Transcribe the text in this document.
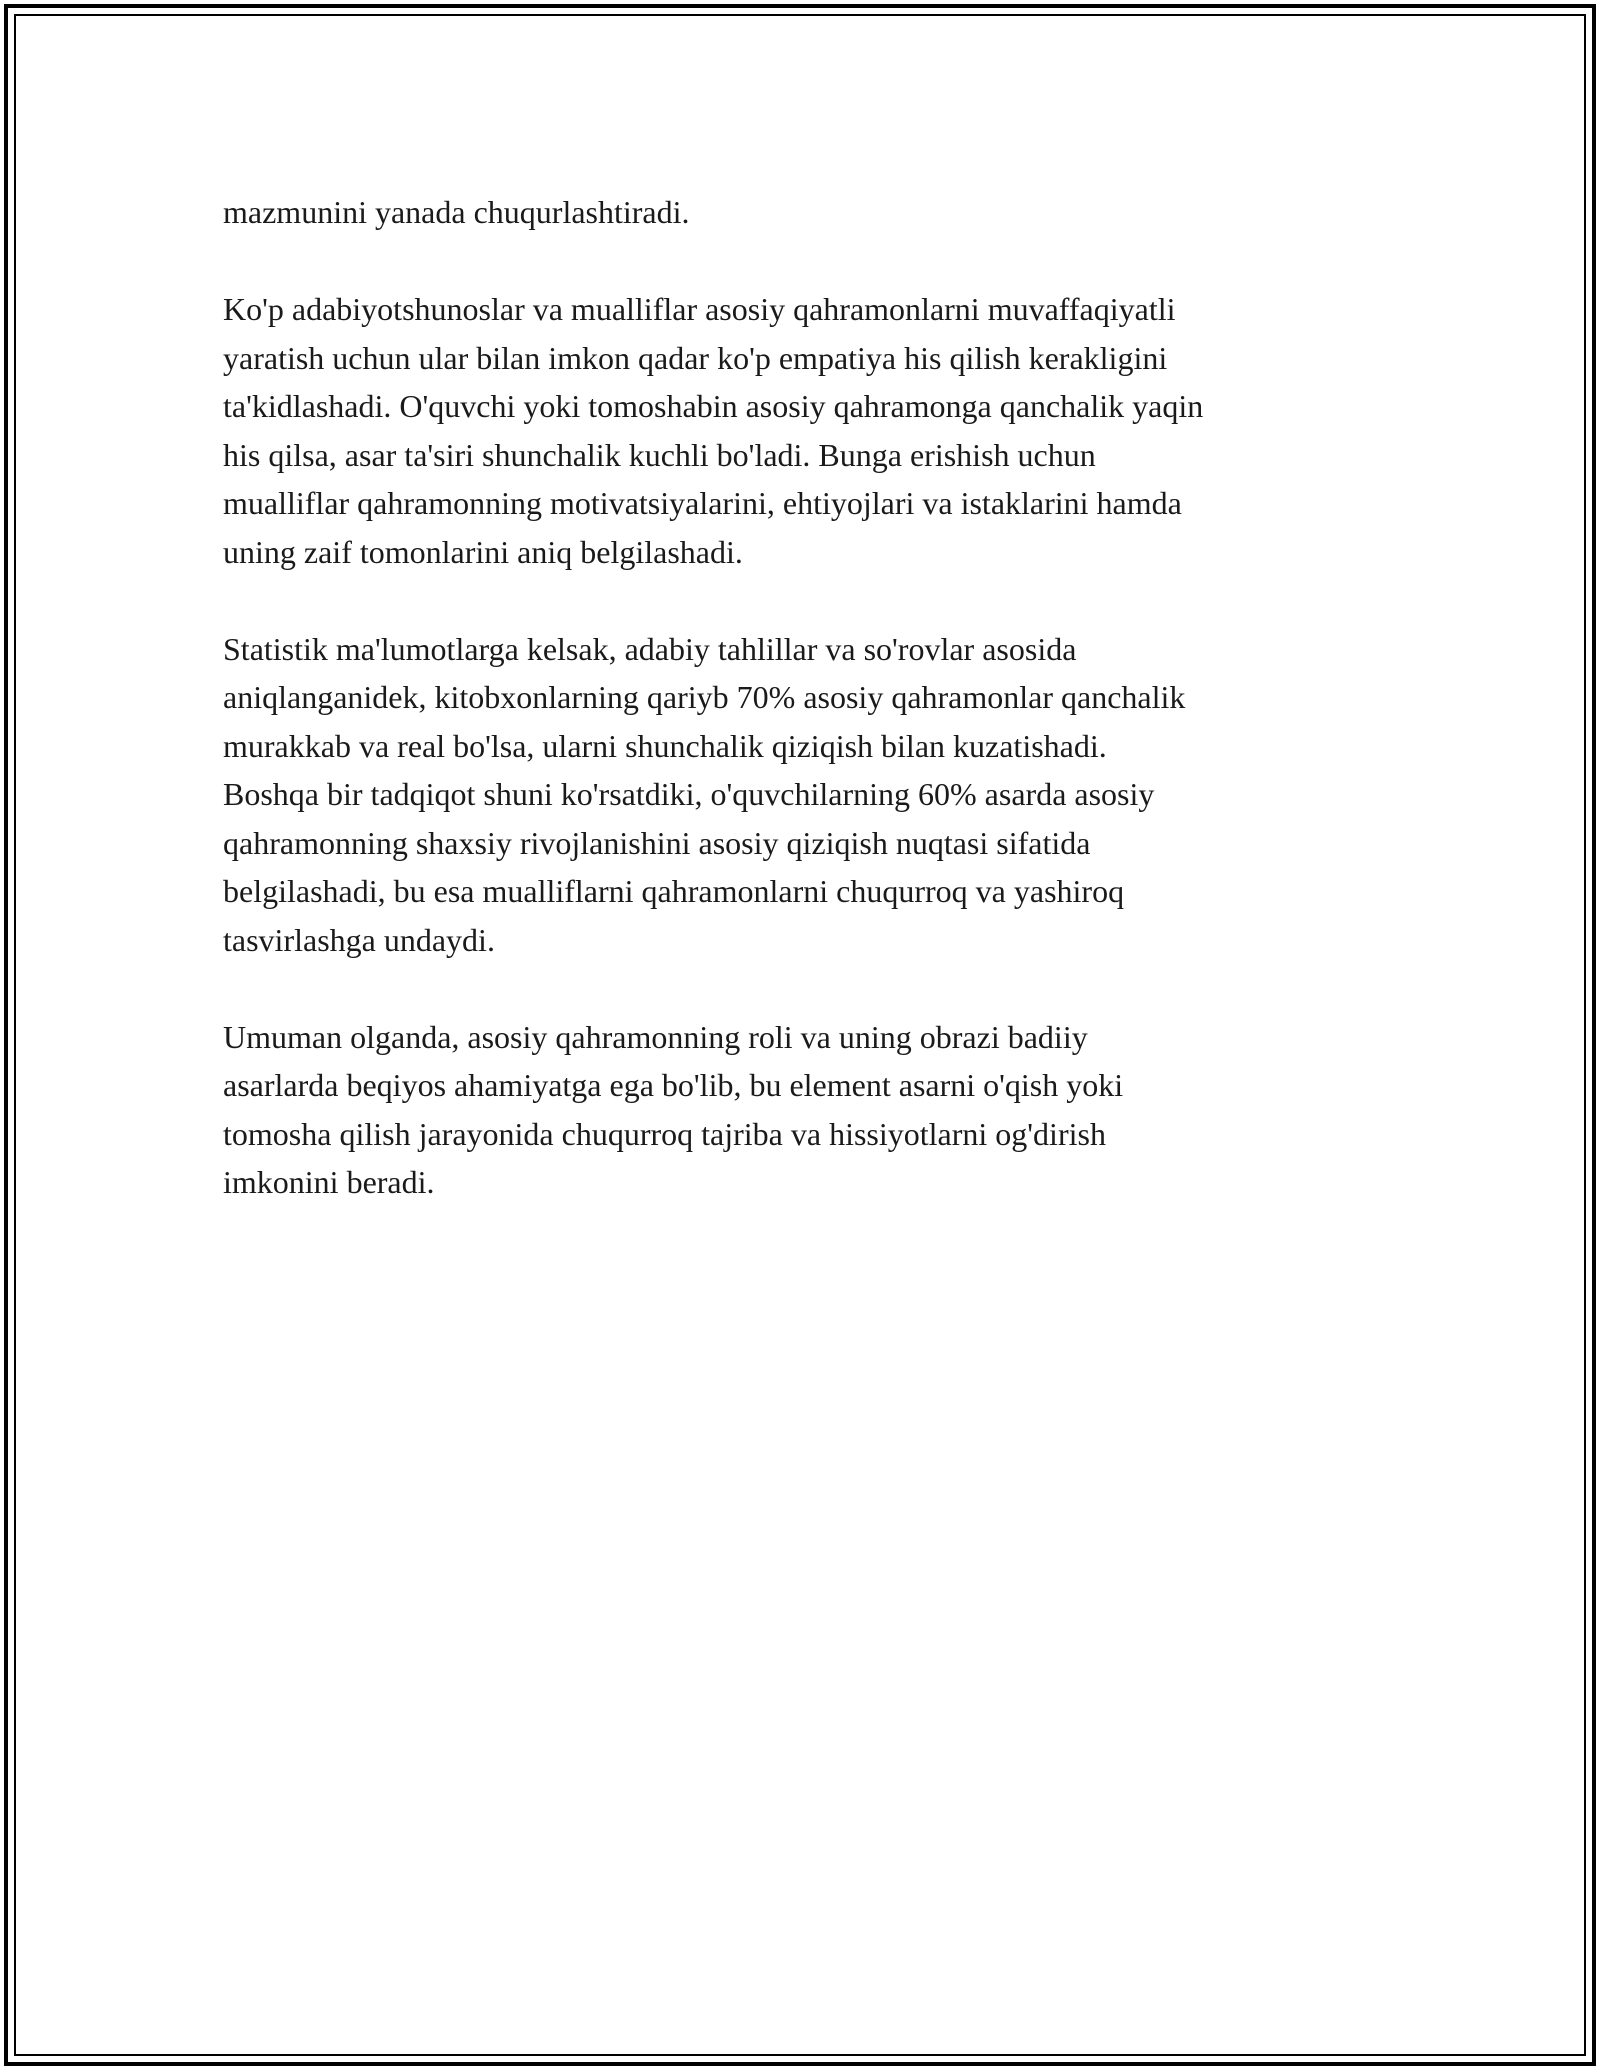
mazmunini yanada chuqurlashtiradi.

Ko'p adabiyotshunoslar va mualliflar asosiy qahramonlarni muvaffaqiyatli
yaratish uchun ular bilan imkon qadar ko'p empatiya his qilish kerakligini
ta'kidlashadi. O'quvchi yoki tomoshabin asosiy qahramonga qanchalik yaqin
his qilsa, asar ta'siri shunchalik kuchli bo'ladi. Bunga erishish uchun
mualliflar qahramonning motivatsiyalarini, ehtiyojlari va istaklarini hamda
uning zaif tomonlarini aniq belgilashadi.

Statistik ma'lumotlarga kelsak, adabiy tahlillar va so'rovlar asosida
aniqlanganidek, kitobxonlarning qariyb 70% asosiy qahramonlar qanchalik
murakkab va real bo'lsa, ularni shunchalik qiziqish bilan kuzatishadi.
Boshqa bir tadqiqot shuni ko'rsatdiki, o'quvchilarning 60% asarda asosiy
qahramonning shaxsiy rivojlanishini asosiy qiziqish nuqtasi sifatida
belgilashadi, bu esa mualliflarni qahramonlarni chuqurroq va yashiroq
tasvirlashga undaydi.

Umuman olganda, asosiy qahramonning roli va uning obrazi badiiy
asarlarda beqiyos ahamiyatga ega bo'lib, bu element asarni o'qish yoki
tomosha qilish jarayonida chuqurroq tajriba va hissiyotlarni og'dirish
imkonini beradi.
